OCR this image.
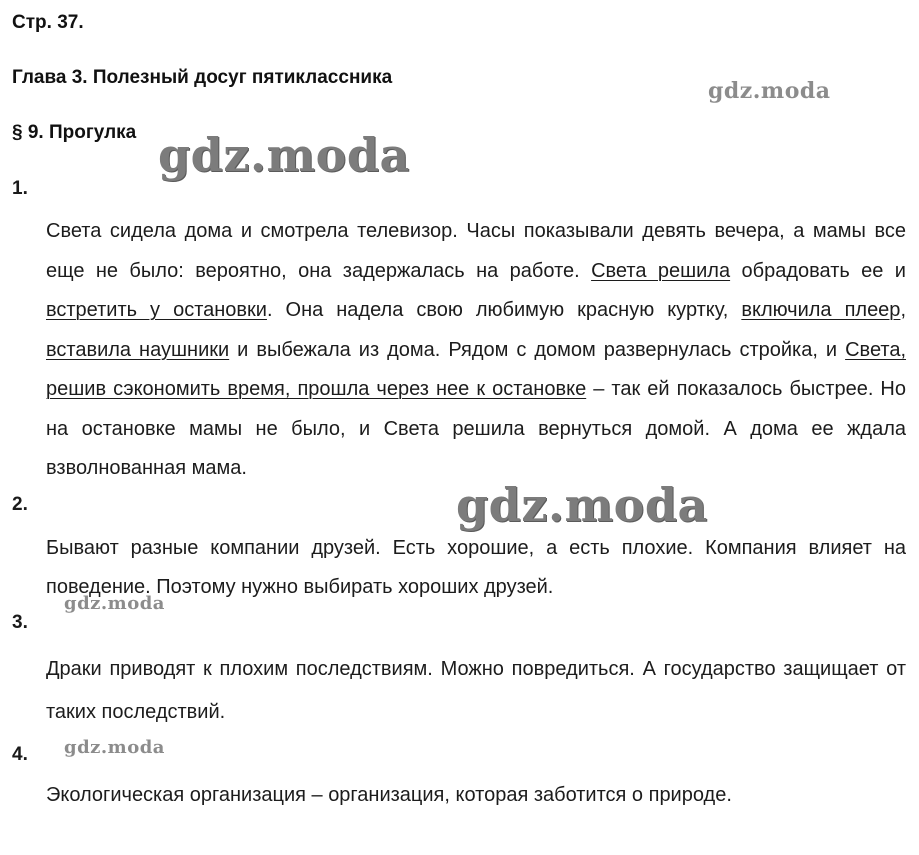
Стр. 37.
Глава 3. Полезный досуг пятиклассника
§ 9. Прогулка
1.
Света сидела дома и смотрела телевизор. Часы показывали девять вечера, а мамы все еще не было: вероятно, она задержалась на работе. Света решила обрадовать ее и встретить у остановки. Она надела свою любимую красную куртку, включила плеер, вставила наушники и выбежала из дома. Рядом с домом развернулась стройка, и Света, решив сэкономить время, прошла через нее к остановке – так ей показалось быстрее. Но на остановке мамы не было, и Света решила вернуться домой. А дома ее ждала взволнованная мама.
2.
Бывают разные компании друзей. Есть хорошие, а есть плохие. Компания влияет на поведение. Поэтому нужно выбирать хороших друзей.
3.
Драки приводят к плохим последствиям. Можно повредиться. А государство защищает от таких последствий.
4.
Экологическая организация – организация, которая заботится о природе.
gdz.moda
gdz.moda
gdz.moda
gdz.moda
gdz.moda
